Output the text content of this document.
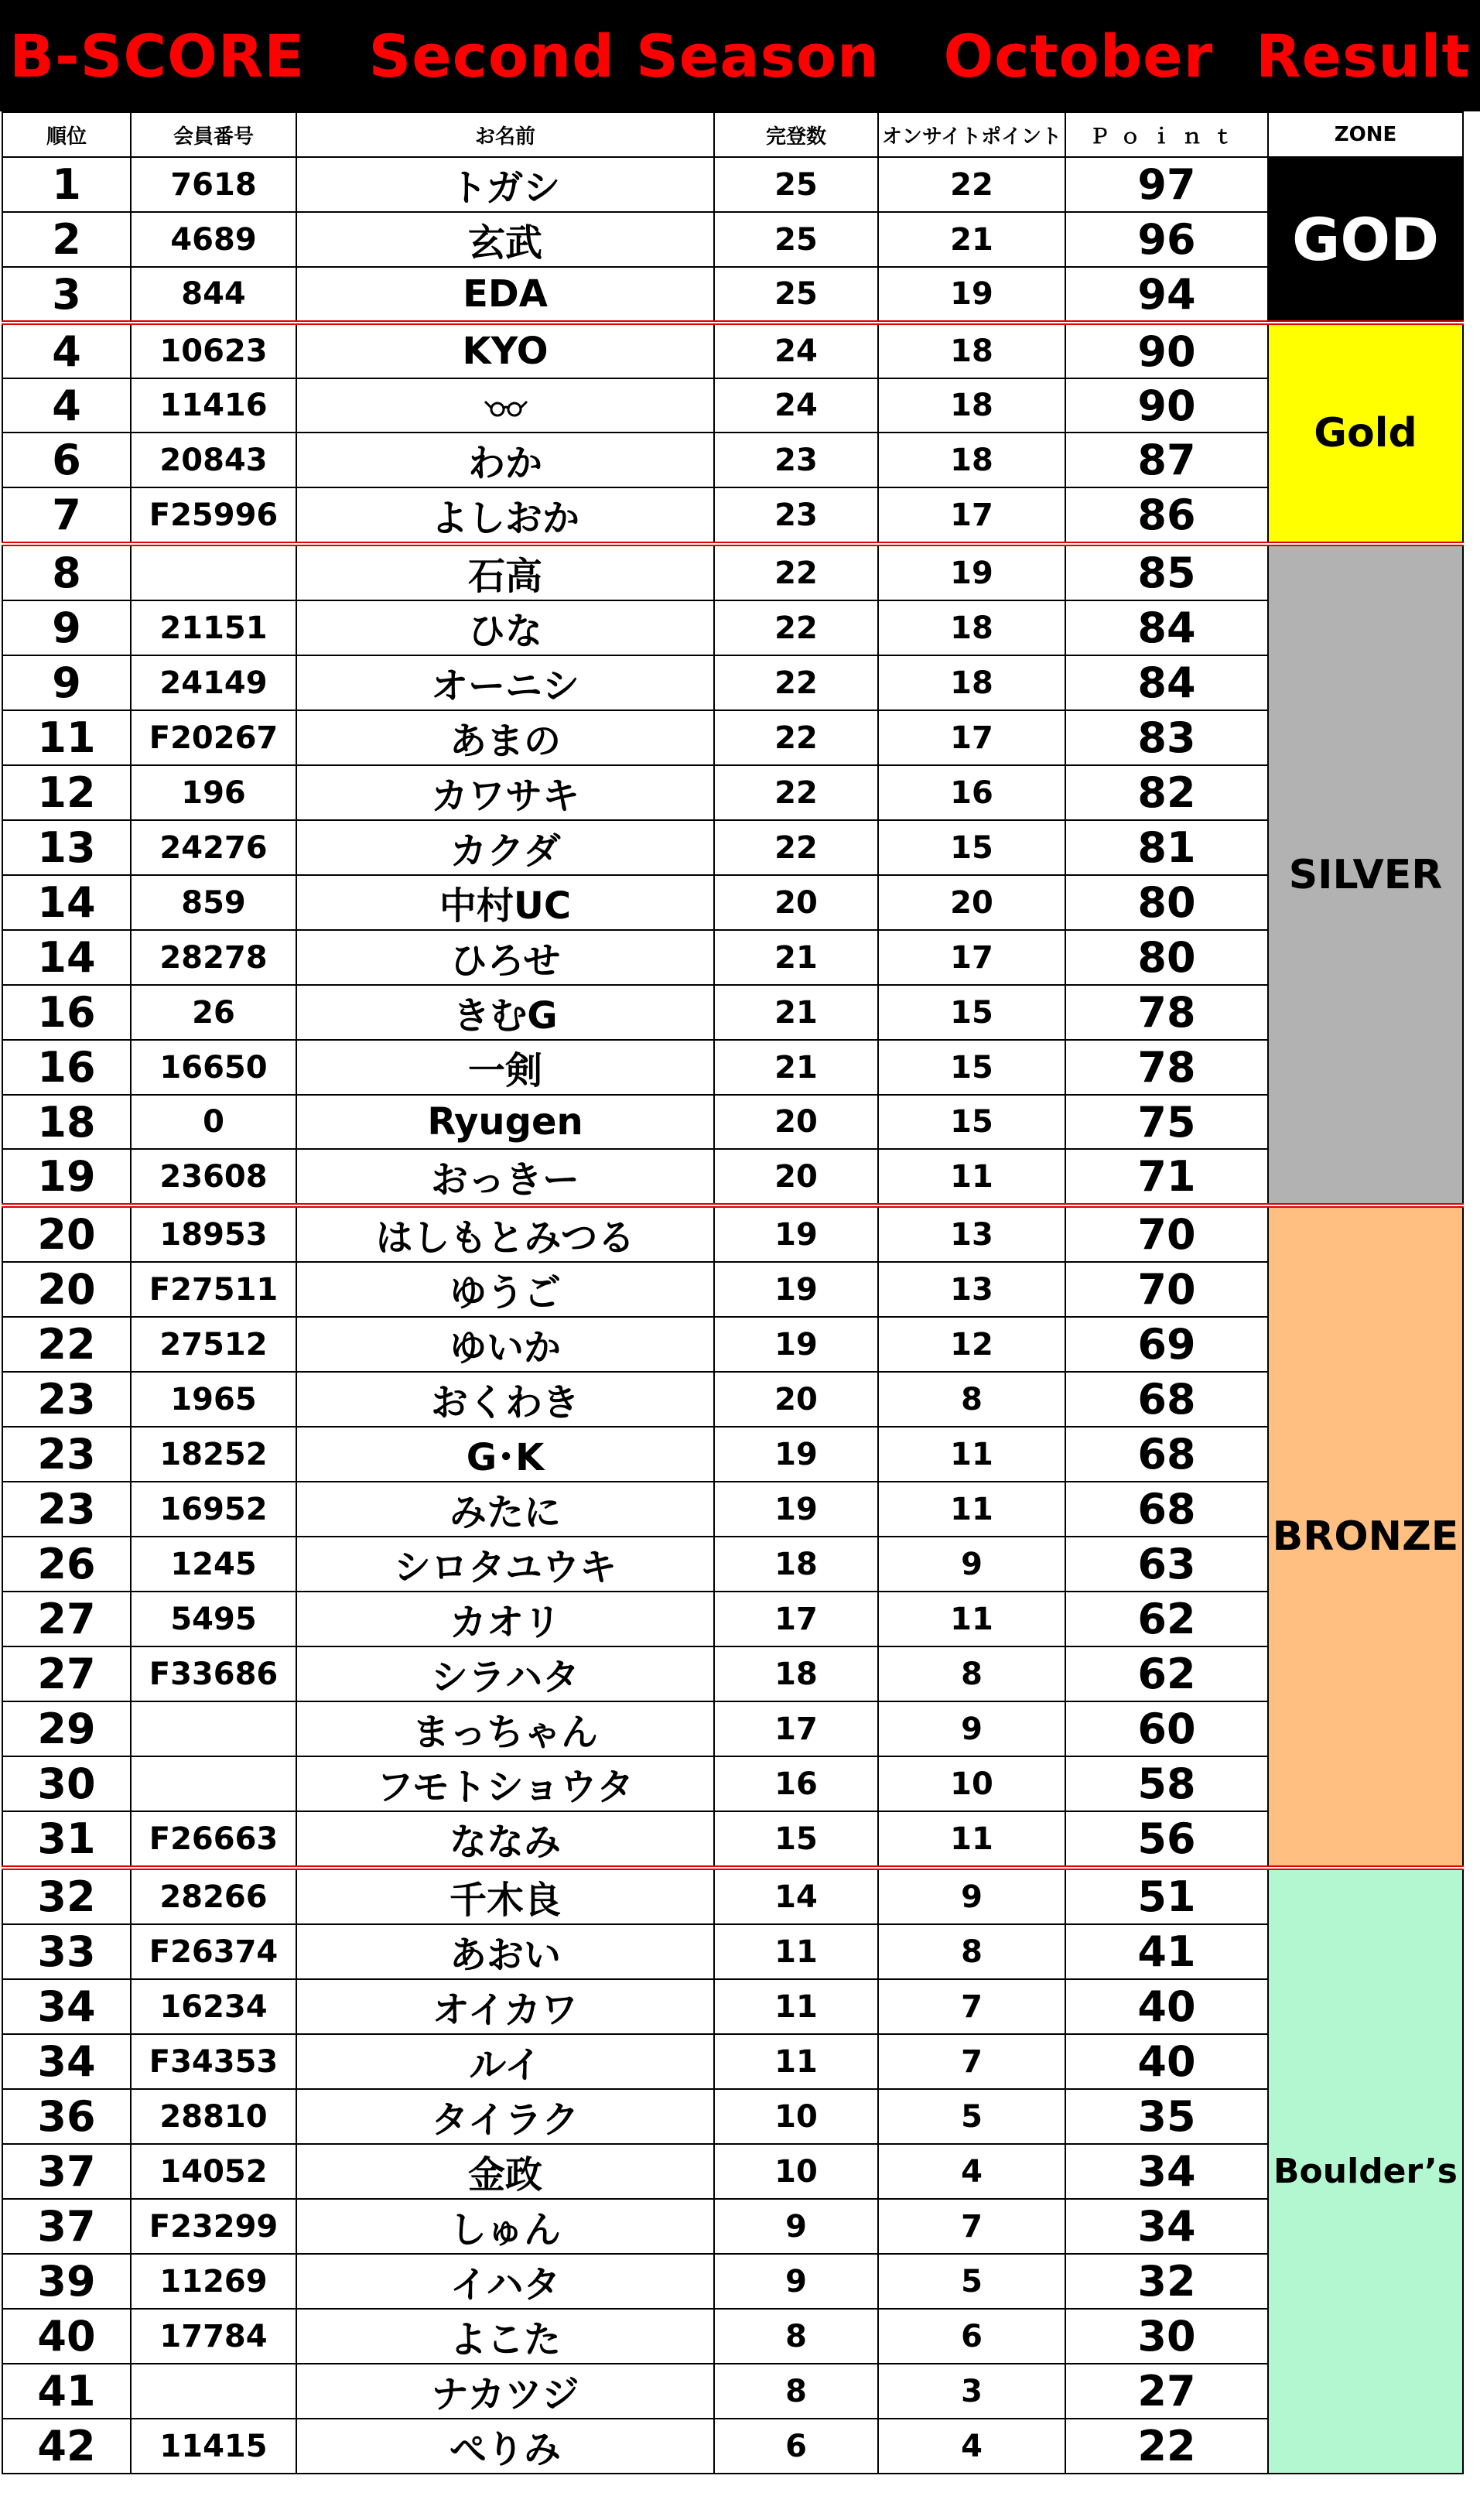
B-SCORE   Second Season   October  Result
順位	会員番号	お名前	完登数	オンサイトポイント	Ｐｏｉｎｔ	ZONE
1	7618	トガシ	25	22	97	GOD
2	4689	玄武	25	21	96	
3	844	EDA	25	19	94	
4	10623	KYO	24	18	90	Gold
4	11416		24	18	90	
6	20843	わか	23	18	87	
7	F25996	よしおか	23	17	86	
8		石高	22	19	85	SILVER
9	21151	ひな	22	18	84	
9	24149	オーニシ	22	18	84	
11	F20267	あまの	22	17	83	
12	196	カワサキ	22	16	82	
13	24276	カクダ	22	15	81	
14	859	中村UC	20	20	80	
14	28278	ひろせ	21	17	80	
16	26	きむG	21	15	78	
16	16650	一剣	21	15	78	
18	0	Ryugen	20	15	75	
19	23608	おっきー	20	11	71	
20	18953	はしもとみつる	19	13	70	BRONZE
20	F27511	ゆうご	19	13	70	
22	27512	ゆいか	19	12	69	
23	1965	おくわき	20	8	68	
23	18252	G･K	19	11	68	
23	16952	みたに	19	11	68	
26	1245	シロタユウキ	18	9	63	
27	5495	カオリ	17	11	62	
27	F33686	シラハタ	18	8	62	
29		まっちゃん	17	9	60	
30		フモトショウタ	16	10	58	
31	F26663	ななみ	15	11	56	
32	28266	千木良	14	9	51	Boulder’s
33	F26374	あおい	11	8	41	
34	16234	オイカワ	11	7	40	
34	F34353	ルイ	11	7	40	
36	28810	タイラク	10	5	35	
37	14052	金政	10	4	34	
37	F23299	しゅん	9	7	34	
39	11269	イハタ	9	5	32	
40	17784	よこた	8	6	30	
41		ナカツジ	8	3	27	
42	11415	ぺりみ	6	4	22	
